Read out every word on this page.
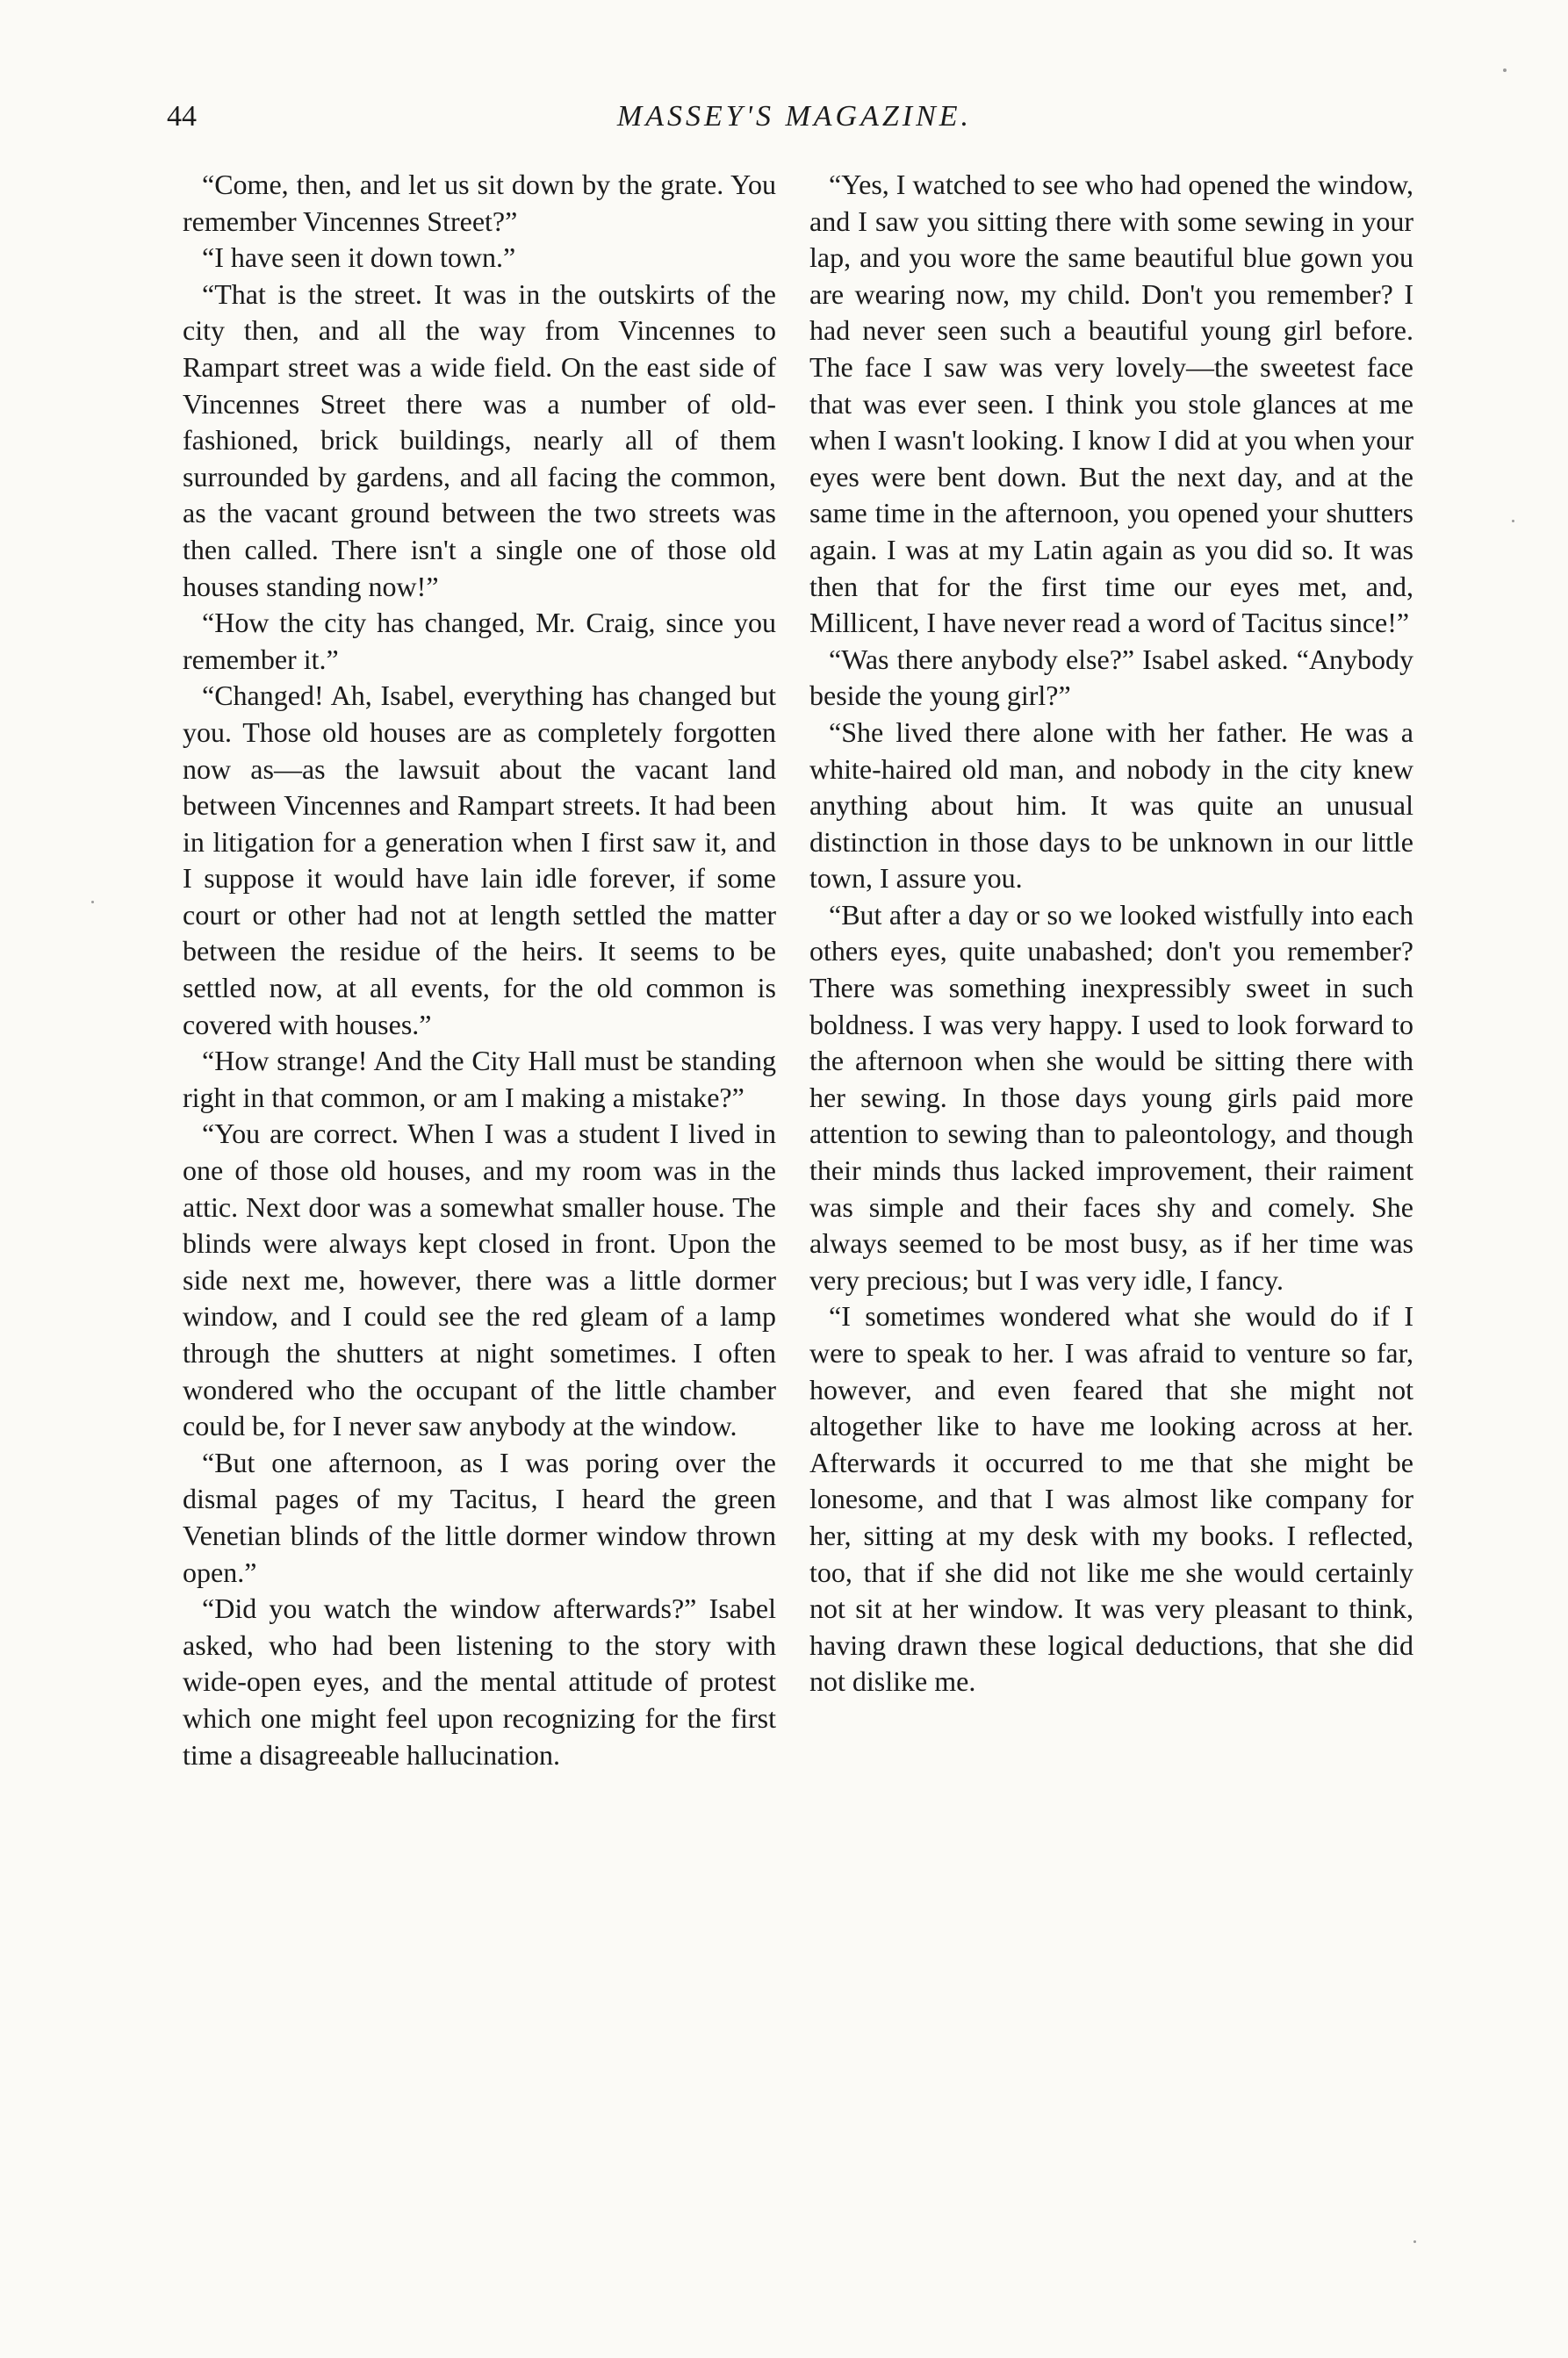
44	MASSEY'S MAGAZINE.

“Come, then, and let us sit down by the grate. You remember Vincennes Street?”

“I have seen it down town.”

“That is the street. It was in the outskirts of the city then, and all the way from Vincennes to Rampart street was a wide field. On the east side of Vincennes Street there was a number of old-fashioned, brick buildings, nearly all of them surrounded by gardens, and all facing the common, as the vacant ground between the two streets was then called. There isn't a single one of those old houses standing now!”

“How the city has changed, Mr. Craig, since you remember it.”

“Changed! Ah, Isabel, everything has changed but you. Those old houses are as completely forgotten now as—as the lawsuit about the vacant land between Vincennes and Rampart streets. It had been in litigation for a generation when I first saw it, and I suppose it would have lain idle forever, if some court or other had not at length settled the matter between the residue of the heirs. It seems to be settled now, at all events, for the old common is covered with houses.”

“How strange! And the City Hall must be standing right in that common, or am I making a mistake?”

“You are correct. When I was a student I lived in one of those old houses, and my room was in the attic. Next door was a somewhat smaller house. The blinds were always kept closed in front. Upon the side next me, however, there was a little dormer window, and I could see the red gleam of a lamp through the shutters at night sometimes. I often wondered who the occupant of the little chamber could be, for I never saw anybody at the window.

“But one afternoon, as I was poring over the dismal pages of my Tacitus, I heard the green Venetian blinds of the little dormer window thrown open.”

“Did you watch the window afterwards?” Isabel asked, who had been listening to the story with wide-open eyes, and the mental attitude of protest which one might feel upon recognizing for the first time a disagreeable hallucination.

“Yes, I watched to see who had opened the window, and I saw you sitting there with some sewing in your lap, and you wore the same beautiful blue gown you are wearing now, my child. Don't you remember? I had never seen such a beautiful young girl before. The face I saw was very lovely—the sweetest face that was ever seen. I think you stole glances at me when I wasn't looking. I know I did at you when your eyes were bent down. But the next day, and at the same time in the afternoon, you opened your shutters again. I was at my Latin again as you did so. It was then that for the first time our eyes met, and, Millicent, I have never read a word of Tacitus since!”

“Was there anybody else?” Isabel asked. “Anybody beside the young girl?”

“She lived there alone with her father. He was a white-haired old man, and nobody in the city knew anything about him. It was quite an unusual distinction in those days to be unknown in our little town, I assure you.

“But after a day or so we looked wistfully into each others eyes, quite unabashed; don't you remember? There was something inexpressibly sweet in such boldness. I was very happy. I used to look forward to the afternoon when she would be sitting there with her sewing. In those days young girls paid more attention to sewing than to paleontology, and though their minds thus lacked improvement, their raiment was simple and their faces shy and comely. She always seemed to be most busy, as if her time was very precious; but I was very idle, I fancy.

“I sometimes wondered what she would do if I were to speak to her. I was afraid to venture so far, however, and even feared that she might not altogether like to have me looking across at her. Afterwards it occurred to me that she might be lonesome, and that I was almost like company for her, sitting at my desk with my books. I reflected, too, that if she did not like me she would certainly not sit at her window. It was very pleasant to think, having drawn these logical deductions, that she did not dislike me.
